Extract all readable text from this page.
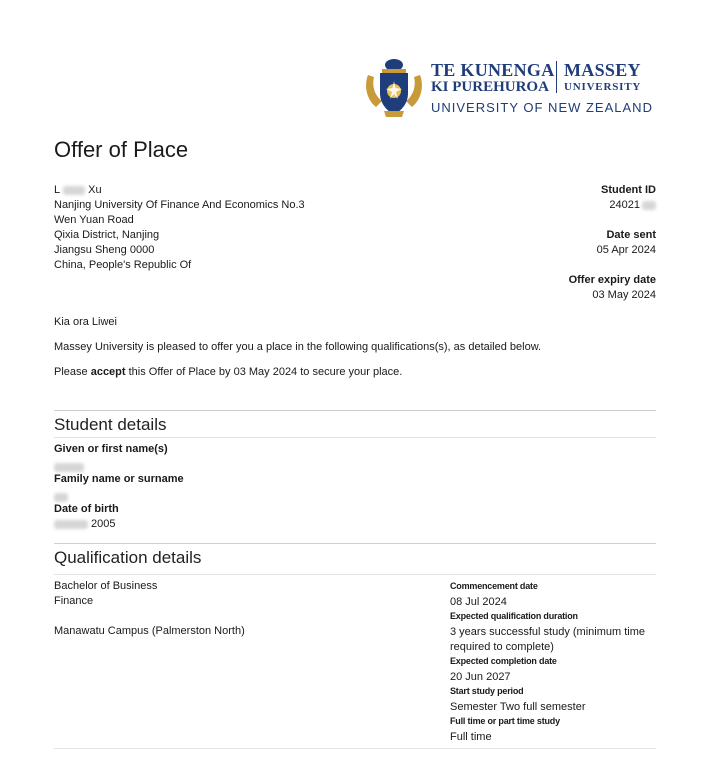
TE KUNENGA MASSEY
KI PUREHUROA UNIVERSITY
UNIVERSITY OF NEW ZEALAND
Offer of Place
L	Xu
Nanjing University Of Finance And Economics No.3
Wen Yuan Road
Qixia District, Nanjing
Jiangsu Sheng 0000
China, People's Republic Of
Student ID
24021
Date sent
05 Apr 2024
Offer expiry date
03 May 2024
Kia ora Liwei
Massey University is pleased to offer you a place in the following qualifications(s), as detailed below.
Please accept this Offer of Place by 03 May 2024 to secure your place.
Student details
Given or first name(s)
Family name or surname
Date of birth
2005
Qualification details
Bachelor of Business
Finance
Manawatu Campus (Palmerston North)
Commencement date
08 Jul 2024
Expected qualification duration
3 years successful study (minimum time
required to complete)
Expected completion date
20 Jun 2027
Start study period
Semester Two full semester
Full time or part time study
Full time
